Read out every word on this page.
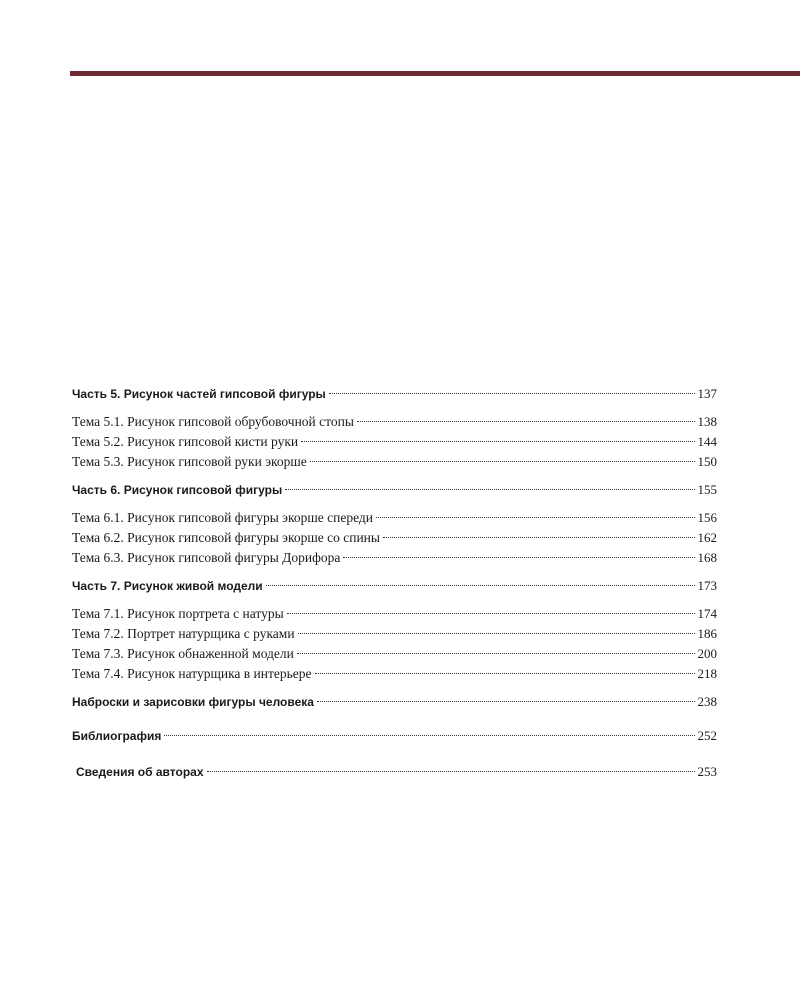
Часть 5. Рисунок частей гипсовой фигуры	137
Тема 5.1. Рисунок гипсовой обрубовочной стопы	138
Тема 5.2. Рисунок гипсовой кисти руки	144
Тема 5.3. Рисунок гипсовой руки экорше	150
Часть 6. Рисунок гипсовой фигуры	155
Тема 6.1. Рисунок гипсовой фигуры экорше спереди	156
Тема 6.2. Рисунок гипсовой фигуры экорше со спины	162
Тема 6.3. Рисунок гипсовой фигуры Дорифора	168
Часть 7. Рисунок живой модели	173
Тема 7.1. Рисунок портрета с натуры	174
Тема 7.2. Портрет натурщика с руками	186
Тема 7.3. Рисунок обнаженной модели	200
Тема 7.4. Рисунок натурщика в интерьере	218
Наброски и зарисовки фигуры человека	238
Библиография	252
Сведения об авторах	253
